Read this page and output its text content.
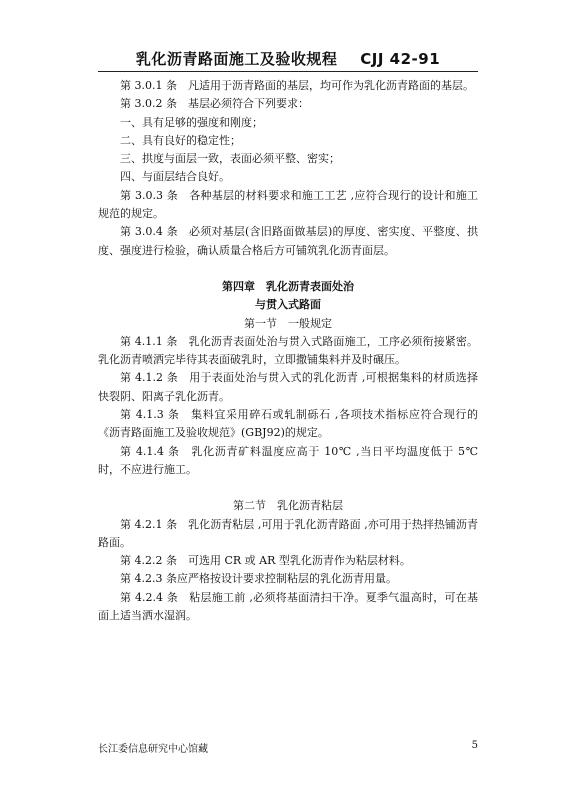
乳化沥青路面施工及验收规程 CJJ 42-91

第 3.0.1 条　凡适用于沥青路面的基层，均可作为乳化沥青路面的基层。

第 3.0.2 条　基层必须符合下列要求：

一、具有足够的强度和刚度；

二、具有良好的稳定性；

三、拱度与面层一致，表面必须平整、密实；

四、与面层结合良好。

第 3.0.3 条　各种基层的材料要求和施工工艺 ,应符合现行的设计和施工规范的规定。

第 3.0.4 条　必须对基层(含旧路面做基层)的厚度、密实度、平整度、拱度、强度进行检验，确认质量合格后方可铺筑乳化沥青面层。

第四章　乳化沥青表面处治

与贯入式路面

第一节　一般规定

第 4.1.1 条　乳化沥青表面处治与贯入式路面施工，工序必须衔接紧密。乳化沥青喷洒完毕待其表面破乳时，立即撒铺集料并及时碾压。

第 4.1.2 条　用于表面处治与贯入式的乳化沥青 ,可根据集料的材质选择快裂阴、阳离子乳化沥青。

第 4.1.3 条　集料宜采用碎石或轧制砾石 ,各项技术指标应符合现行的《沥青路面施工及验收规范》(GBJ92)的规定。

第 4.1.4 条　乳化沥青矿料温度应高于 10℃ ,当日平均温度低于 5℃时，不应进行施工。

第二节　乳化沥青粘层

第 4.2.1 条　乳化沥青粘层 ,可用于乳化沥青路面 ,亦可用于热拌热铺沥青路面。

第 4.2.2 条　可选用 CR 或 AR 型乳化沥青作为粘层材料。

第 4.2.3 条应严格按设计要求控制粘层的乳化沥青用量。

第 4.2.4 条　粘层施工前 ,必须将基面清扫干净。夏季气温高时，可在基面上适当洒水湿润。

长江委信息研究中心馆藏	5
